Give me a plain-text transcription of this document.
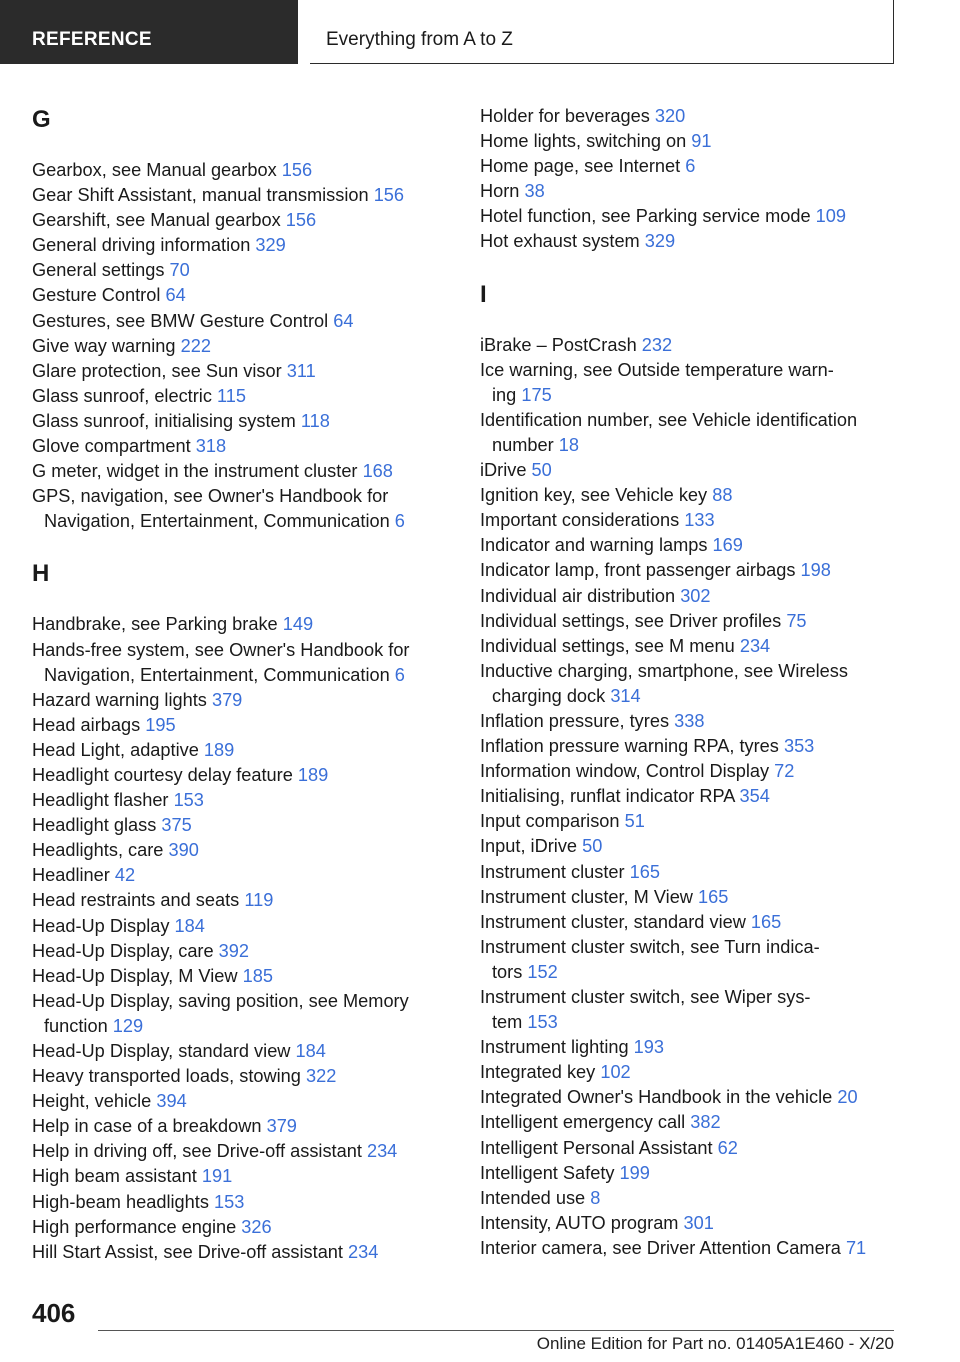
REFERENCE	Everything from A to Z
G
Gearbox, see Manual gearbox 156
Gear Shift Assistant, manual transmission 156
Gearshift, see Manual gearbox 156
General driving information 329
General settings 70
Gesture Control 64
Gestures, see BMW Gesture Control 64
Give way warning 222
Glare protection, see Sun visor 311
Glass sunroof, electric 115
Glass sunroof, initialising system 118
Glove compartment 318
G meter, widget in the instrument cluster 168
GPS, navigation, see Owner's Handbook for
Navigation, Entertainment, Communication 6
H
Handbrake, see Parking brake 149
Hands-free system, see Owner's Handbook for
Navigation, Entertainment, Communication 6
Hazard warning lights 379
Head airbags 195
Head Light, adaptive 189
Headlight courtesy delay feature 189
Headlight flasher 153
Headlight glass 375
Headlights, care 390
Headliner 42
Head restraints and seats 119
Head-Up Display 184
Head-Up Display, care 392
Head-Up Display, M View 185
Head-Up Display, saving position, see Memory
function 129
Head-Up Display, standard view 184
Heavy transported loads, stowing 322
Height, vehicle 394
Help in case of a breakdown 379
Help in driving off, see Drive-off assistant 234
High beam assistant 191
High-beam headlights 153
High performance engine 326
Hill Start Assist, see Drive-off assistant 234
Holder for beverages 320
Home lights, switching on 91
Home page, see Internet 6
Horn 38
Hotel function, see Parking service mode 109
Hot exhaust system 329
I
iBrake – PostCrash 232
Ice warning, see Outside temperature warn-
ing 175
Identification number, see Vehicle identification
number 18
iDrive 50
Ignition key, see Vehicle key 88
Important considerations 133
Indicator and warning lamps 169
Indicator lamp, front passenger airbags 198
Individual air distribution 302
Individual settings, see Driver profiles 75
Individual settings, see M menu 234
Inductive charging, smartphone, see Wireless
charging dock 314
Inflation pressure, tyres 338
Inflation pressure warning RPA, tyres 353
Information window, Control Display 72
Initialising, runflat indicator RPA 354
Input comparison 51
Input, iDrive 50
Instrument cluster 165
Instrument cluster, M View 165
Instrument cluster, standard view 165
Instrument cluster switch, see Turn indica-
tors 152
Instrument cluster switch, see Wiper sys-
tem 153
Instrument lighting 193
Integrated key 102
Integrated Owner's Handbook in the vehicle 20
Intelligent emergency call 382
Intelligent Personal Assistant 62
Intelligent Safety 199
Intended use 8
Intensity, AUTO program 301
Interior camera, see Driver Attention Camera 71
406
Online Edition for Part no. 01405A1E460 - X/20
